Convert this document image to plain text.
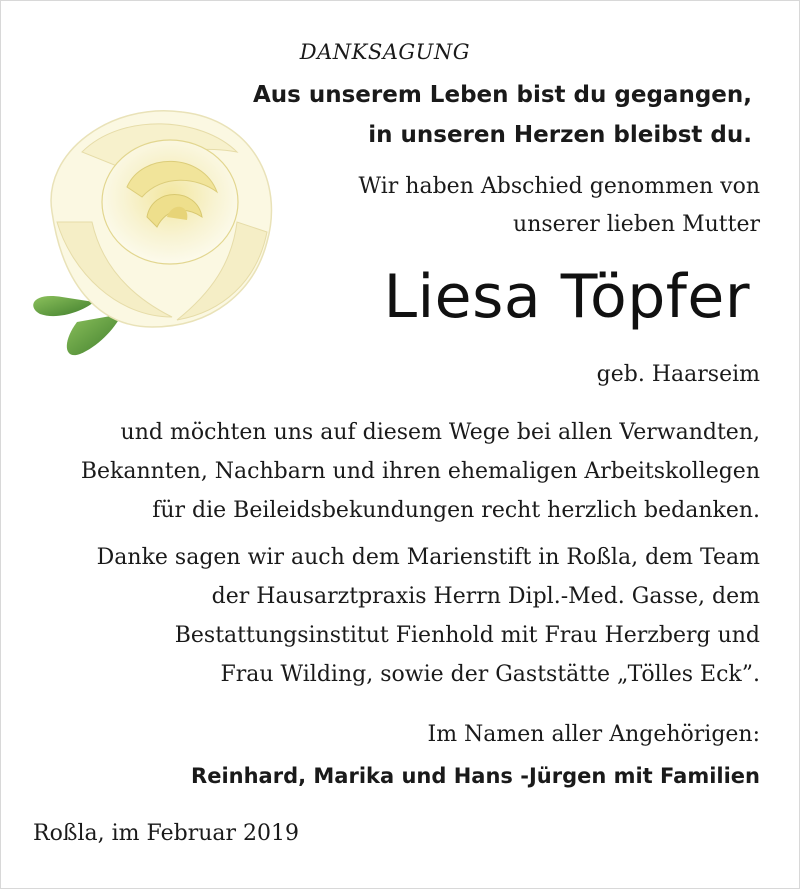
DANKSAGUNG
Aus unserem Leben bist du gegangen,
in unseren Herzen bleibst du.
Wir haben Abschied genommen von
unserer lieben Mutter
Liesa Töpfer
geb. Haarseim
und möchten uns auf diesem Wege bei allen Verwandten,
Bekannten, Nachbarn und ihren ehemaligen Arbeitskollegen
für die Beileidsbekundungen recht herzlich bedanken.
Danke sagen wir auch dem Marienstift in Roßla, dem Team
der Hausarztpraxis Herrn Dipl.-Med. Gasse, dem
Bestattungsinstitut Fienhold mit Frau Herzberg und
Frau Wilding, sowie der Gaststätte „Tölles Eck”.
Im Namen aller Angehörigen:
Reinhard, Marika und Hans -Jürgen mit Familien
Roßla, im Februar 2019
